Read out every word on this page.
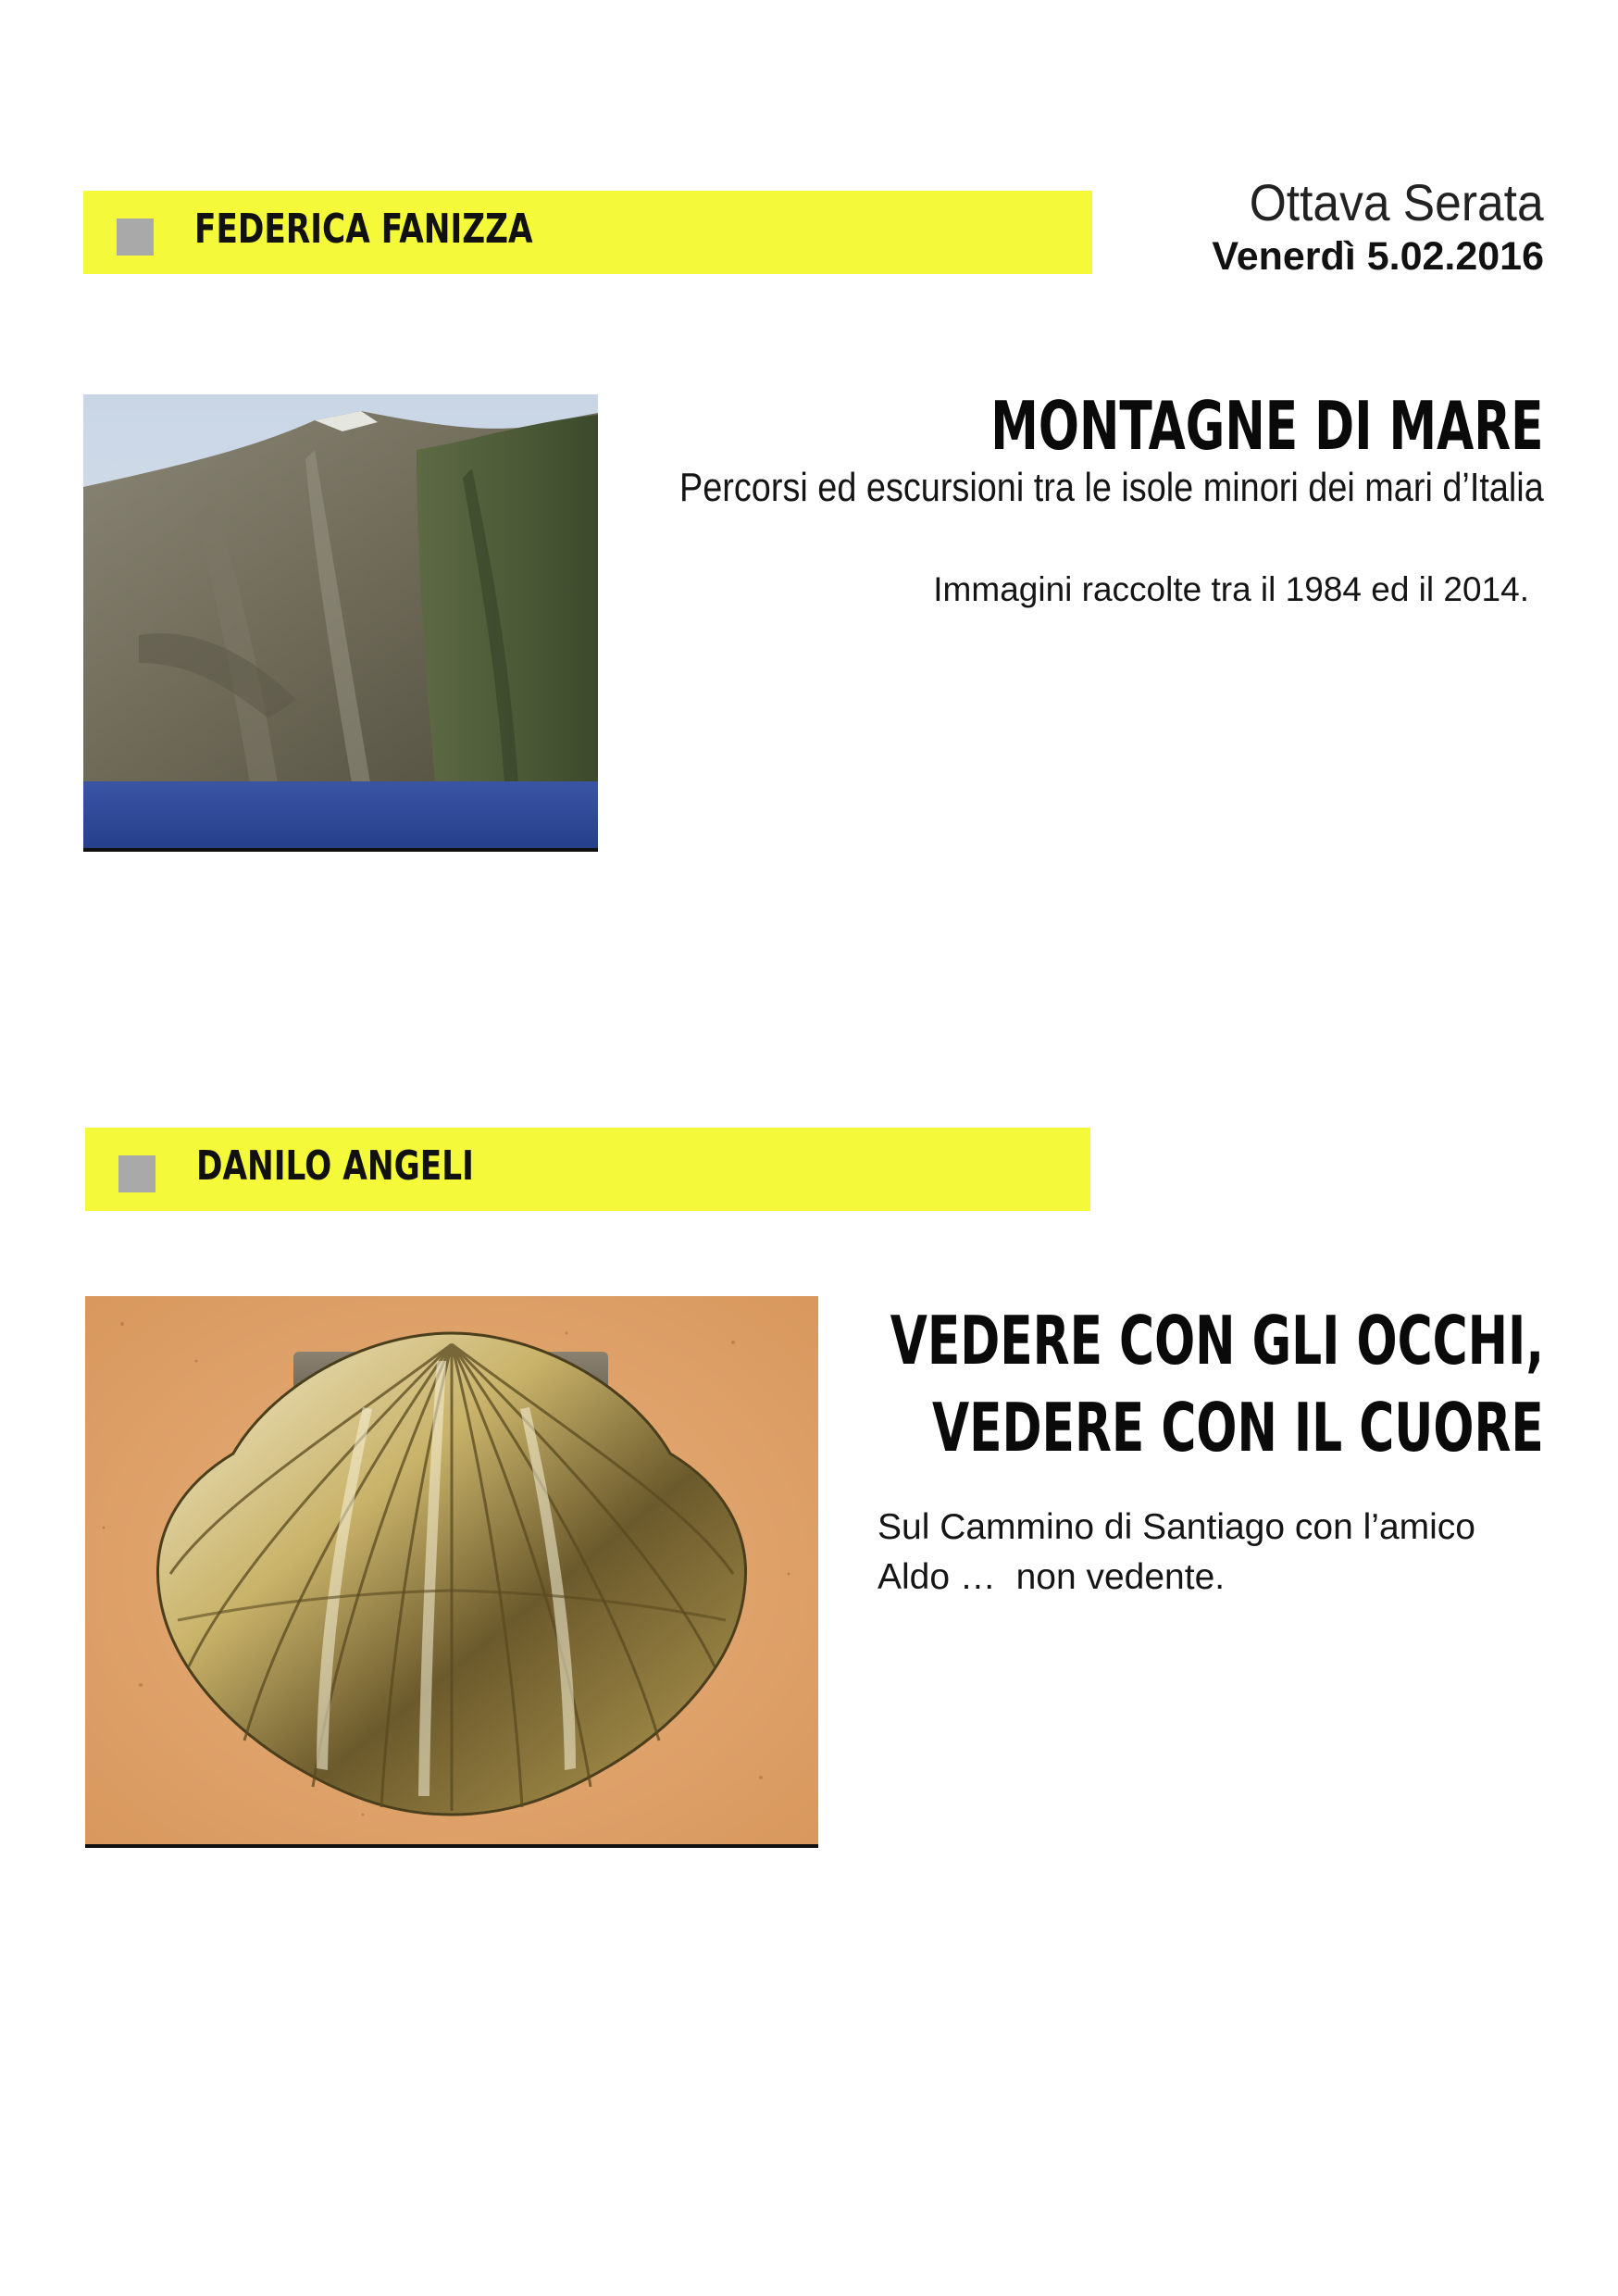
FEDERICA FANIZZA	Ottava Serata
Venerdì 5.02.2016
MONTAGNE DI MARE
Percorsi ed escursioni tra le isole minori dei mari d’Italia
Immagini raccolte tra il 1984 ed il 2014.
DANILO ANGELI
VEDERE CON GLI OCCHI,
VEDERE CON IL CUORE
Sul Cammino di Santiago con l’amico
Aldo …  non vedente.
